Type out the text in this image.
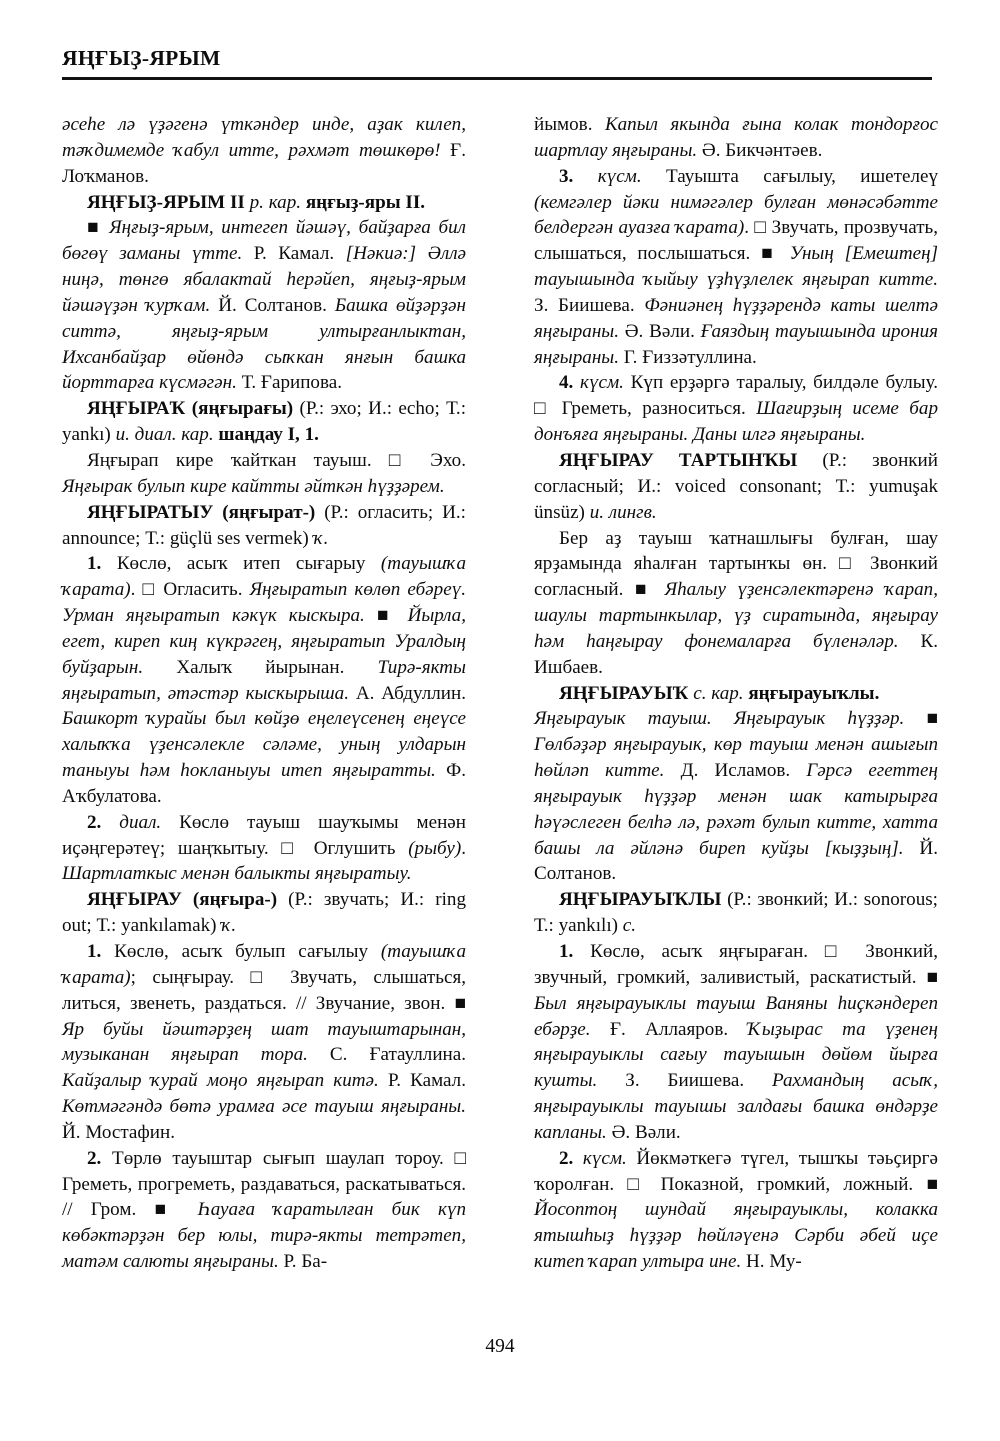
ЯҢҒЫҘ-ЯРЫМ

әсеһе лә үҙәгенә үткәндер инде, аҙак килеп, тәҡдимемде ҡабул итте, рәхмәт төшкөрө! Ғ. Лоҡманов.

ЯҢҒЫҘ-ЯРЫМ II р. кар. яңғыҙ-яры II.

■ Яңғыҙ-ярым, интегеп йәшәү, байҙарға бил бөгөү заманы үтте. Р. Камал. [Нәкиә:] Әллә ниңә, төнгө ябалактай һерәйеп, яңғыҙ-ярым йәшәүҙән ҡурҡам. Й. Солтанов. Башка өйҙәрҙән ситтә, яңғыҙ-ярым ултырғанлыктан, Ихсанбайҙар өйөндә сыҡкан янғын башка йорттарға күсмәгән. Т. Ғарипова.

ЯҢҒЫРАҠ (яңғырағы) (Р.: эхо; И.: echo; Т.: yankı) и. диал. кар. шаңдау I, 1.

Яңғырап кире ҡайткан тауыш. □ Эхо. Яңғырак булып кире кайтты әйткән һүҙҙәрем.

ЯҢҒЫРАТЫУ (яңғырат-) (Р.: огласить; И.: announce; Т.: güçlü ses vermek) ҡ.

1. Көслө, асыҡ итеп сығарыу (тауышҡа ҡарата). □ Огласить. Яңғыратып көлөп ебәреү. Урман яңғыратып кәкүк кыскыра. ■ Йырла, егет, киреп киң күкрәгең, яңғыратып Уралдың буйҙарын. Халыҡ йырынан. Тирә-якты яңғыратып, әтәстәр кыскырыша. А. Абдуллин. Башкорт ҡурайы был көйҙө еңелеүсенең еңеүсе халыҡҡа үҙенсәлекле сәләме, уның улдарын таныуы һәм һокланыуы итеп яңғыратты. Ф. Аҡбулатова.

2. диал. Көслө тауыш шауҡымы менән иҫәңгерәтеү; шаңҡытыу. □ Оглушить (рыбу). Шартлаткыс менән балыкты яңғыратыу.

ЯҢҒЫРАУ (яңғыра-) (Р.: звучать; И.: ring out; Т.: yankılamak) ҡ.

1. Көслө, асыҡ булып сағылыу (тауышҡа ҡарата); сыңғырау. □ Звучать, слышаться, литься, звенеть, раздаться. // Звучание, звон. ■ Яр буйы йәштәрҙең шат тауыштарынан, музыканан яңғырап тора. С. Ғатауллина. Кайҙалыр ҡурай моңо яңғырап китә. Р. Камал. Көтмәгәндә бөтә урамға әсе тауыш яңғыраны. Й. Мостафин.

2. Төрлө тауыштар сығып шаулап тороу. □ Греметь, прогреметь, раздаваться, раскатываться. // Гром. ■ Һауаға ҡаратылған бик күп көбәктәрҙән бер юлы, тирә-якты тетрәтеп, матәм салюты яңғыраны. Р. Ба-

йымов. Капыл якында ғына колак тондорғос шартлау яңғыраны. Ә. Бикчәнтәев.

3. күсм. Тауышта сағылыу, ишетелеү (кемгәлер йәки нимәгәлер булған мөнәсәбәтте белдергән ауазға ҡарата). □ Звучать, прозвучать, слышаться, послышаться. ■ Уның [Емештең] тауышында ҡыйыу үҙһүҙлелек яңғырап китте. З. Биишева. Фәниәнең һүҙҙәрендә каты шелтә яңғыраны. Ә. Вәли. Ғаяздың тауышында ирония яңғыраны. Г. Ғиззәтуллина.

4. күсм. Күп ерҙәргә таралыу, билдәле булыу. □ Греметь, разноситься. Шағирҙың исеме бар донъяға яңғыраны. Даны илгә яңғыраны.

ЯҢҒЫРАУ ТАРТЫНҠЫ (Р.: звонкий согласный; И.: voiced consonant; Т.: yumuşak ünsüz) и. лингв.

Бер аҙ тауыш ҡатнашлығы булған, шау ярҙамында яһалған тартынҡы өн. □ Звонкий согласный. ■ Яһалыу үҙенсәлектәренә ҡарап, шаулы тартынкылар, үҙ сиратында, яңғырау һәм һаңғырау фонемаларға бүленәләр. К. Ишбаев.

ЯҢҒЫРАУЫҠ с. кар. яңғырауыҡлы.

Яңғырауык тауыш. Яңғырауык һүҙҙәр. ■ Гөлбәҙәр яңғырауык, көр тауыш менән ашығып һөйләп китте. Д. Исламов. Гәрсә егеттең яңғырауык һүҙҙәр менән шак катырырға һәүәслеген белһә лә, рәхәт булып китте, хатта башы ла әйләнә биреп куйҙы [кыҙҙың]. Й. Солтанов.

ЯҢҒЫРАУЫҠЛЫ (Р.: звонкий; И.: sonorous; Т.: yankılı) с.

1. Көслө, асыҡ яңғыраған. □ Звонкий, звучный, громкий, заливистый, раскатистый. ■ Был яңғырауыклы тауыш Ваняны һиҫкәндереп ебәрҙе. Ғ. Аллаяров. Ҡыҙырас та үҙенең яңғырауыклы сағыу тауышын дөйөм йырға кушты. З. Биишева. Рахмандың асыҡ, яңғырауыклы тауышы залдағы башка өндәрҙе капланы. Ә. Вәли.

2. күсм. Йөкмәткегә түгел, тышҡы тәьҫиргә ҡоролған. □ Показной, громкий, ложный. ■ Йосоптоң шундай яңғырауыклы, колакка ятышһыҙ һүҙҙәр һөйләүенә Сәрби әбей иҫе китеп ҡарап ултыра ине. Н. Му-

494
